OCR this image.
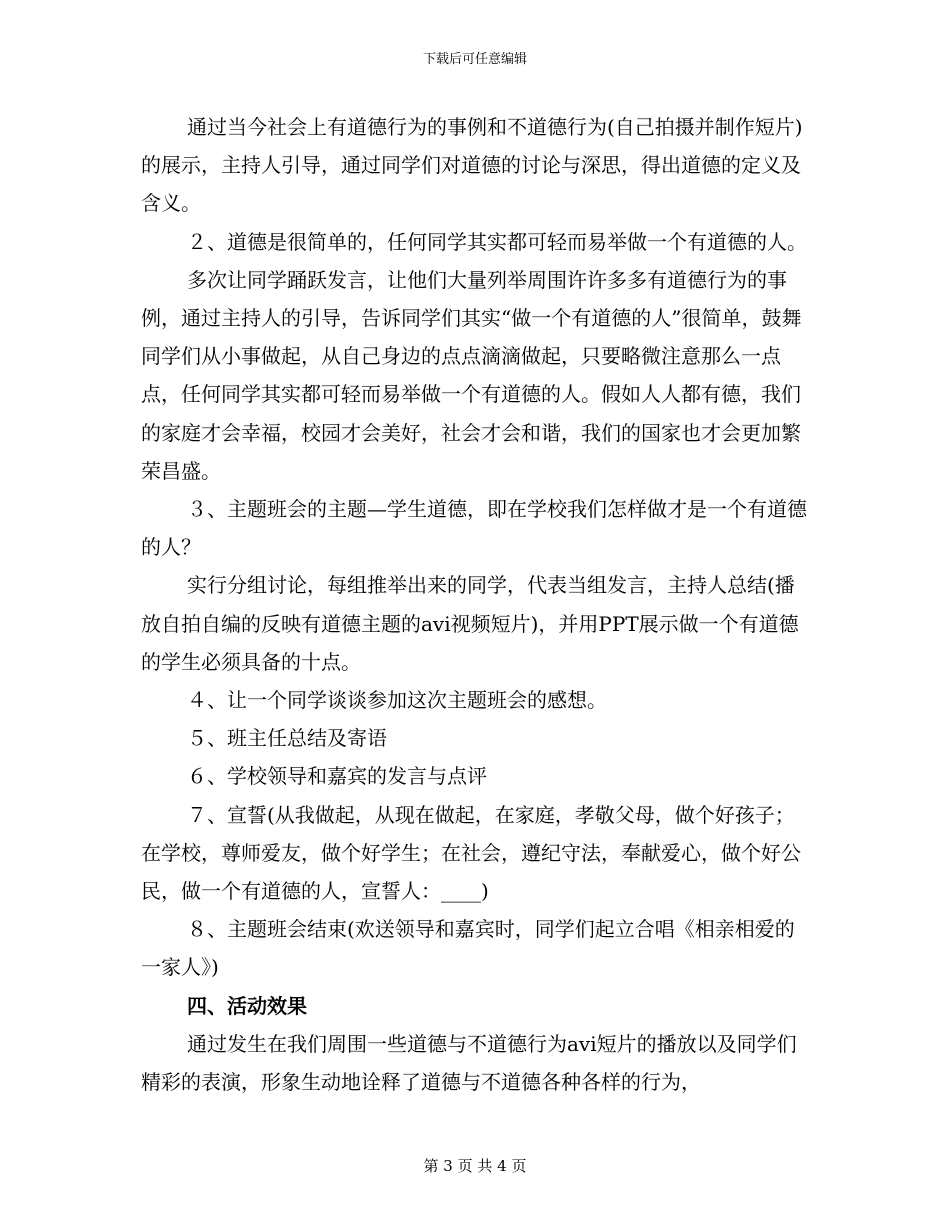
下载后可任意编辑

通过当今社会上有道德行为的事例和不道德行为(自己拍摄并制作短片)的展示，主持人引导，通过同学们对道德的讨论与深思，得出道德的定义及含义。

２、道德是很简单的，任何同学其实都可轻而易举做一个有道德的人。

多次让同学踊跃发言，让他们大量列举周围许许多多有道德行为的事例，通过主持人的引导，告诉同学们其实“做一个有道德的人”很简单，鼓舞同学们从小事做起，从自己身边的点点滴滴做起，只要略微注意那么一点点，任何同学其实都可轻而易举做一个有道德的人。假如人人都有德，我们的家庭才会幸福，校园才会美好，社会才会和谐，我们的国家也才会更加繁荣昌盛。

３、主题班会的主题—学生道德，即在学校我们怎样做才是一个有道德的人？

实行分组讨论，每组推举出来的同学，代表当组发言，主持人总结(播放自拍自编的反映有道德主题的avi视频短片)，并用PPT展示做一个有道德的学生必须具备的十点。

４、让一个同学谈谈参加这次主题班会的感想。

５、班主任总结及寄语

６、学校领导和嘉宾的发言与点评

７、宣誓(从我做起，从现在做起，在家庭，孝敬父母，做个好孩子；在学校，尊师爱友，做个好学生；在社会，遵纪守法，奉献爱心，做个好公民，做一个有道德的人，宣誓人：____)

８、主题班会结束(欢送领导和嘉宾时，同学们起立合唱《相亲相爱的一家人》)

四、活动效果

通过发生在我们周围一些道德与不道德行为avi短片的播放以及同学们精彩的表演，形象生动地诠释了道德与不道德各种各样的行为，

第 3 页 共 4 页
